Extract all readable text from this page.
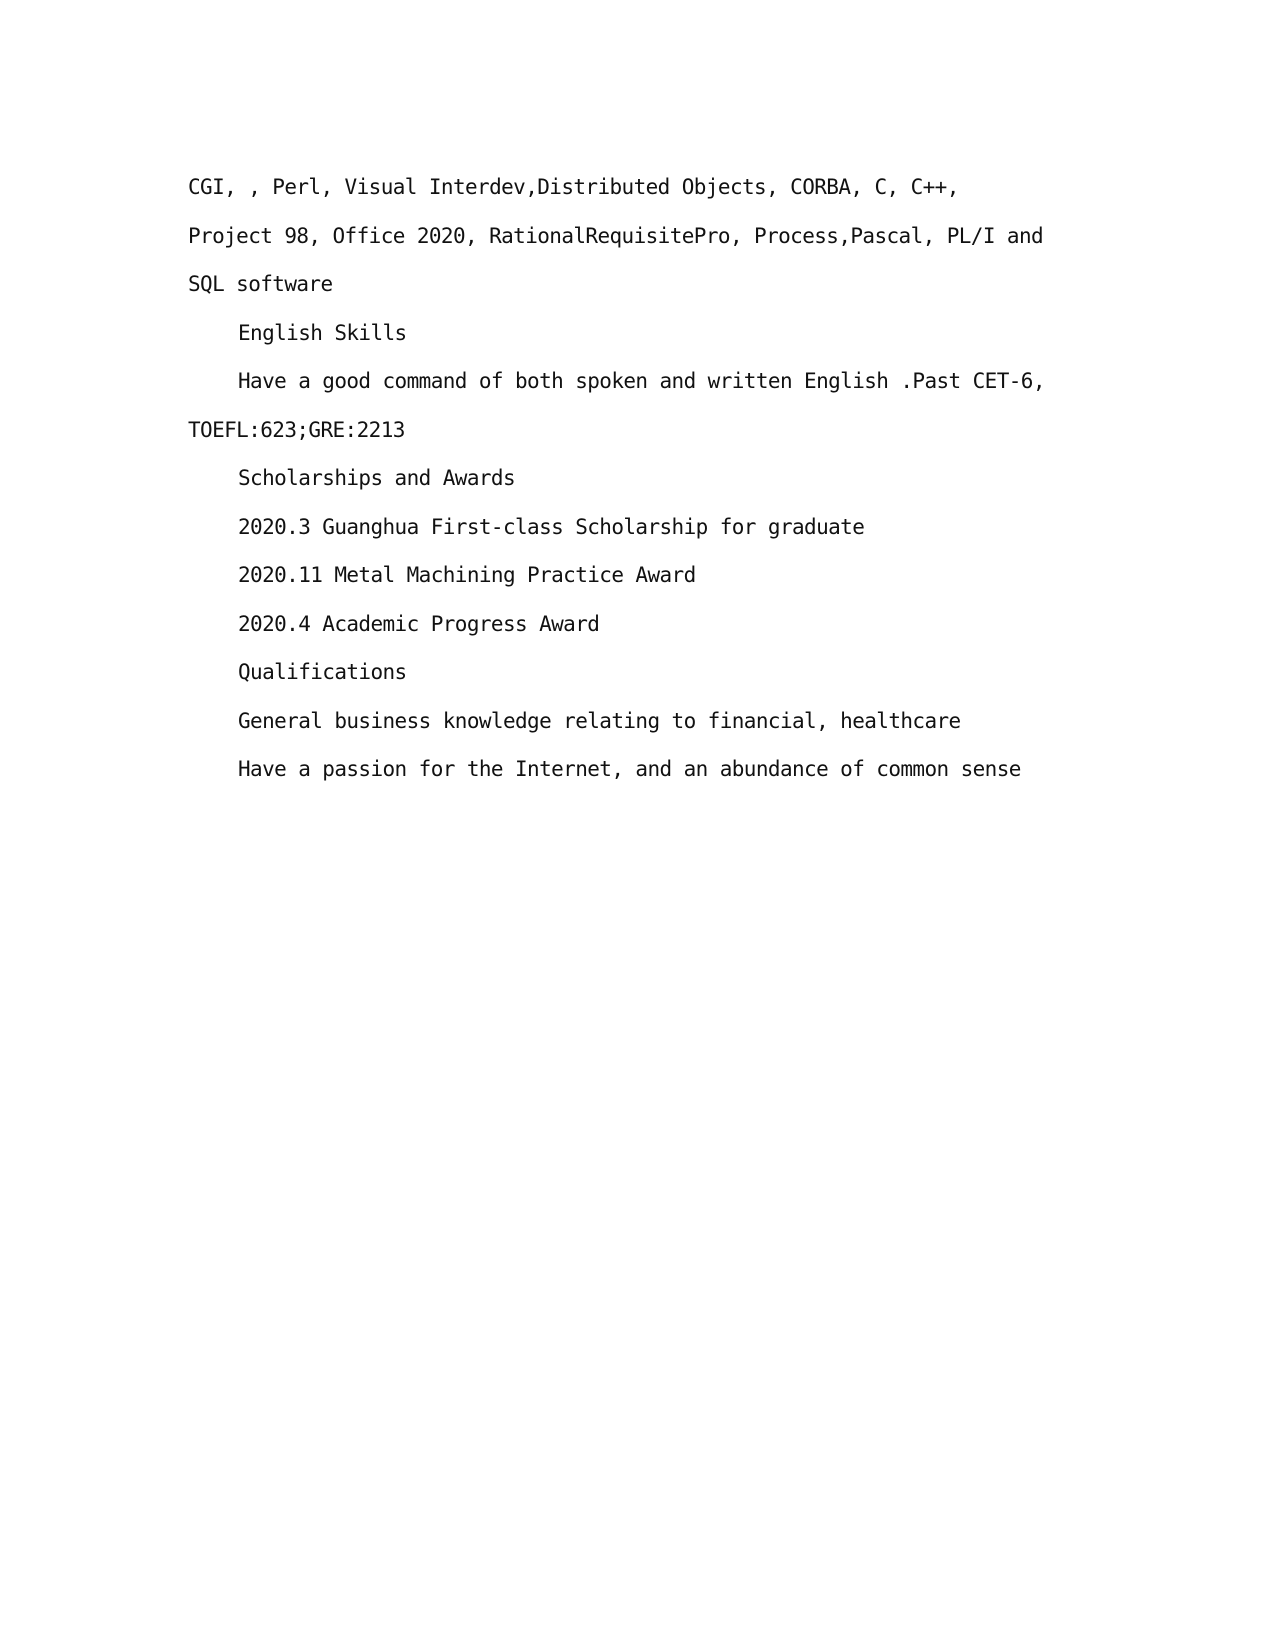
CGI, , Perl, Visual Interdev,Distributed Objects, CORBA, C, C++,
Project 98, Office 2020, RationalRequisitePro, Process,Pascal, PL/I and
SQL software
English Skills
Have a good command of both spoken and written English .Past CET-6,
TOEFL:623;GRE:2213
Scholarships and Awards
2020.3 Guanghua First-class Scholarship for graduate
2020.11 Metal Machining Practice Award
2020.4 Academic Progress Award
Qualifications
General business knowledge relating to financial, healthcare
Have a passion for the Internet, and an abundance of common sense
